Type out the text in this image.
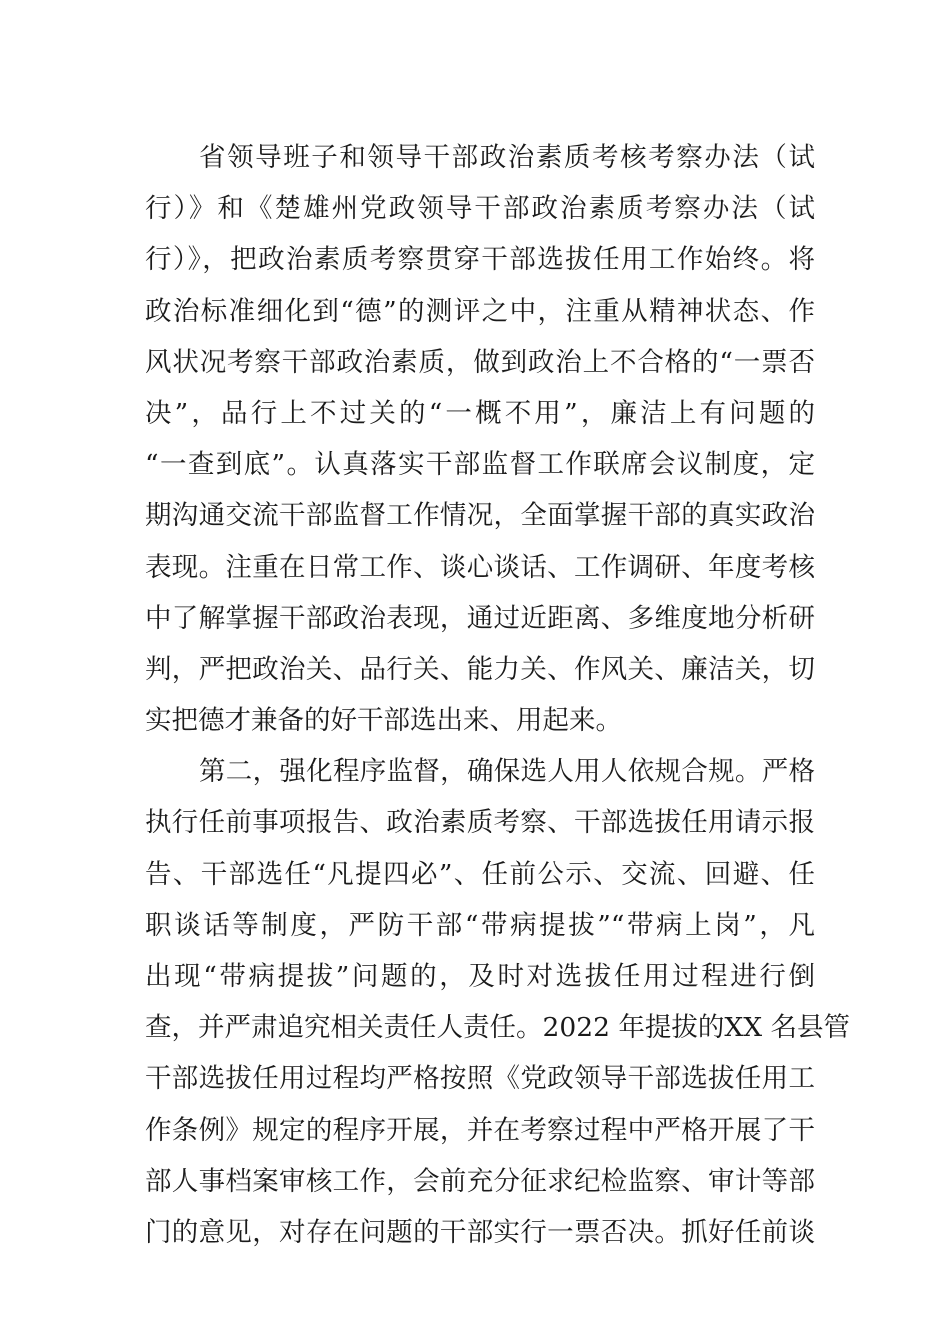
省领导班子和领导干部政治素质考核考察办法（试
行）》和《楚雄州党政领导干部政治素质考察办法（试
行）》，把政治素质考察贯穿干部选拔任用工作始终。将
政治标准细化到“德”的测评之中，注重从精神状态、作
风状况考察干部政治素质，做到政治上不合格的“一票否
决”，品行上不过关的“一概不用”，廉洁上有问题的
“一查到底”。认真落实干部监督工作联席会议制度，定
期沟通交流干部监督工作情况，全面掌握干部的真实政治
表现。注重在日常工作、谈心谈话、工作调研、年度考核
中了解掌握干部政治表现，通过近距离、多维度地分析研
判，严把政治关、品行关、能力关、作风关、廉洁关，切
实把德才兼备的好干部选出来、用起来。
第二，强化程序监督，确保选人用人依规合规。严格
执行任前事项报告、政治素质考察、干部选拔任用请示报
告、干部选任“凡提四必”、任前公示、交流、回避、任
职谈话等制度，严防干部“带病提拔”“带病上岗”，凡
出现“带病提拔”问题的，及时对选拔任用过程进行倒
查，并严肃追究相关责任人责任。2022 年提拔的XX 名县管
干部选拔任用过程均严格按照《党政领导干部选拔任用工
作条例》规定的程序开展，并在考察过程中严格开展了干
部人事档案审核工作，会前充分征求纪检监察、审计等部
门的意见，对存在问题的干部实行一票否决。抓好任前谈
